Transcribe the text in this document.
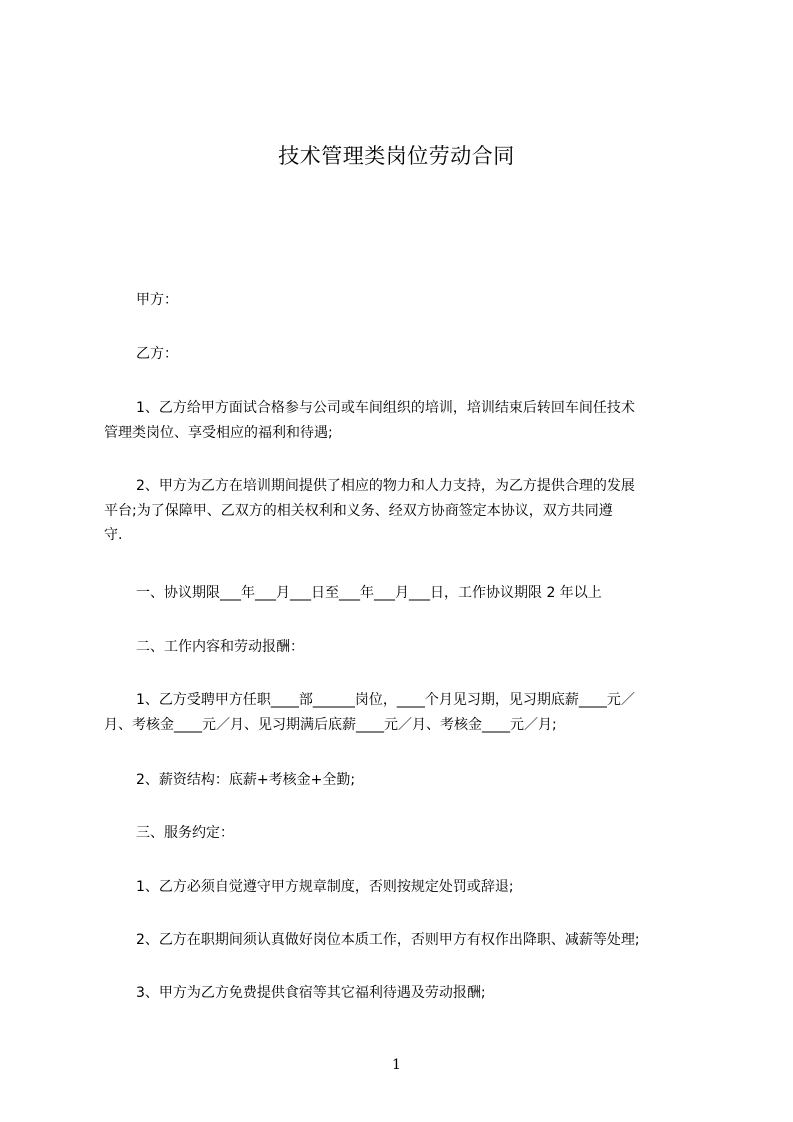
技术管理类岗位劳动合同
甲方：
乙方：
1、乙方给甲方面试合格参与公司或车间组织的培训，培训结束后转回车间任技术
管理类岗位、享受相应的福利和待遇;
2、甲方为乙方在培训期间提供了相应的物力和人力支持，为乙方提供合理的发展
平台;为了保障甲、乙双方的相关权利和义务、经双方协商签定本协议，双方共同遵
守.
一、协议期限___年___月___日至___年___月___日，工作协议期限 2 年以上
二、工作内容和劳动报酬：
1、乙方受聘甲方任职____部______岗位，____个月见习期，见习期底薪____元／
月、考核金____元／月、见习期满后底薪____元／月、考核金____元／月;
2、薪资结构：底薪+考核金+全勤;
三、服务约定：
1、乙方必须自觉遵守甲方规章制度，否则按规定处罚或辞退;
2、乙方在职期间须认真做好岗位本质工作，否则甲方有权作出降职、减薪等处理;
3、甲方为乙方免费提供食宿等其它福利待遇及劳动报酬;
1
